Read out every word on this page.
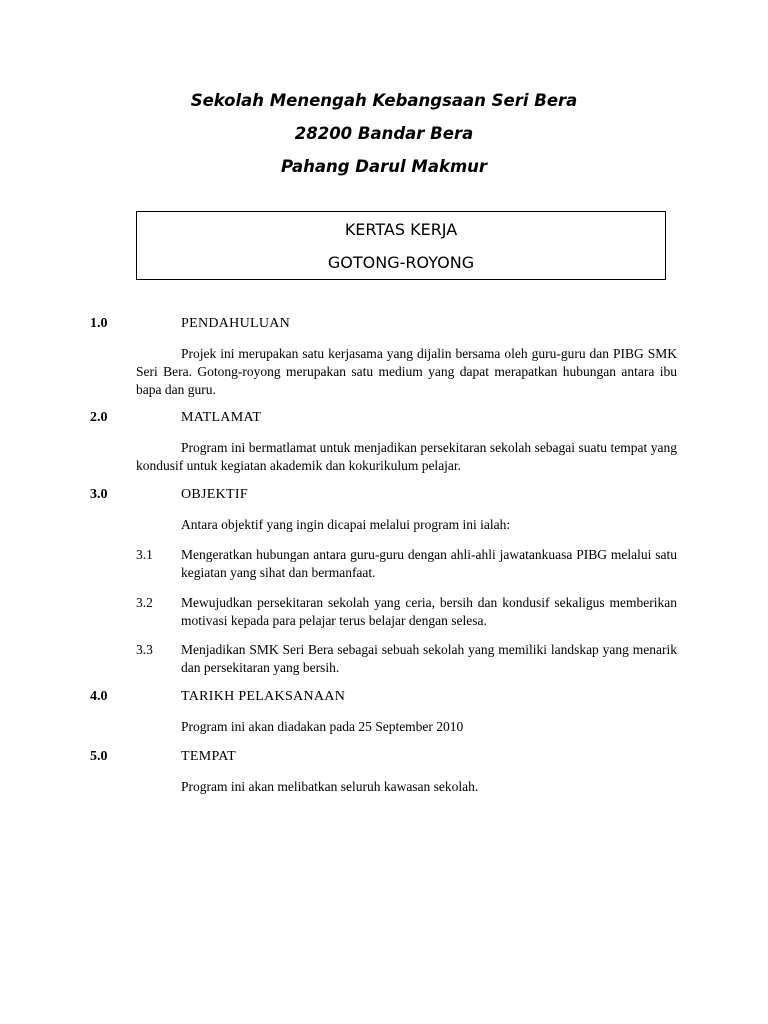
Sekolah Menengah Kebangsaan Seri Bera
28200 Bandar Bera
Pahang Darul Makmur
KERTAS KERJA
GOTONG-ROYONG
1.0	PENDAHULUAN
Projek ini merupakan satu kerjasama yang dijalin bersama oleh guru-guru dan PIBG SMK Seri Bera. Gotong-royong merupakan satu medium yang dapat merapatkan hubungan antara ibu bapa dan guru.
2.0	MATLAMAT
Program ini bermatlamat untuk menjadikan persekitaran sekolah sebagai suatu tempat yang kondusif untuk kegiatan akademik dan kokurikulum pelajar.
3.0	OBJEKTIF
Antara objektif yang ingin dicapai melalui program ini ialah:
3.1 Mengeratkan hubungan antara guru-guru dengan ahli-ahli jawatankuasa PIBG melalui satu kegiatan yang sihat dan bermanfaat.
3.2 Mewujudkan persekitaran sekolah yang ceria, bersih dan kondusif sekaligus memberikan motivasi kepada para pelajar terus belajar dengan selesa.
3.3 Menjadikan SMK Seri Bera sebagai sebuah sekolah yang memiliki landskap yang menarik dan persekitaran yang bersih.
4.0	TARIKH PELAKSANAAN
Program ini akan diadakan pada 25 September 2010
5.0	TEMPAT
Program ini akan melibatkan seluruh kawasan sekolah.
